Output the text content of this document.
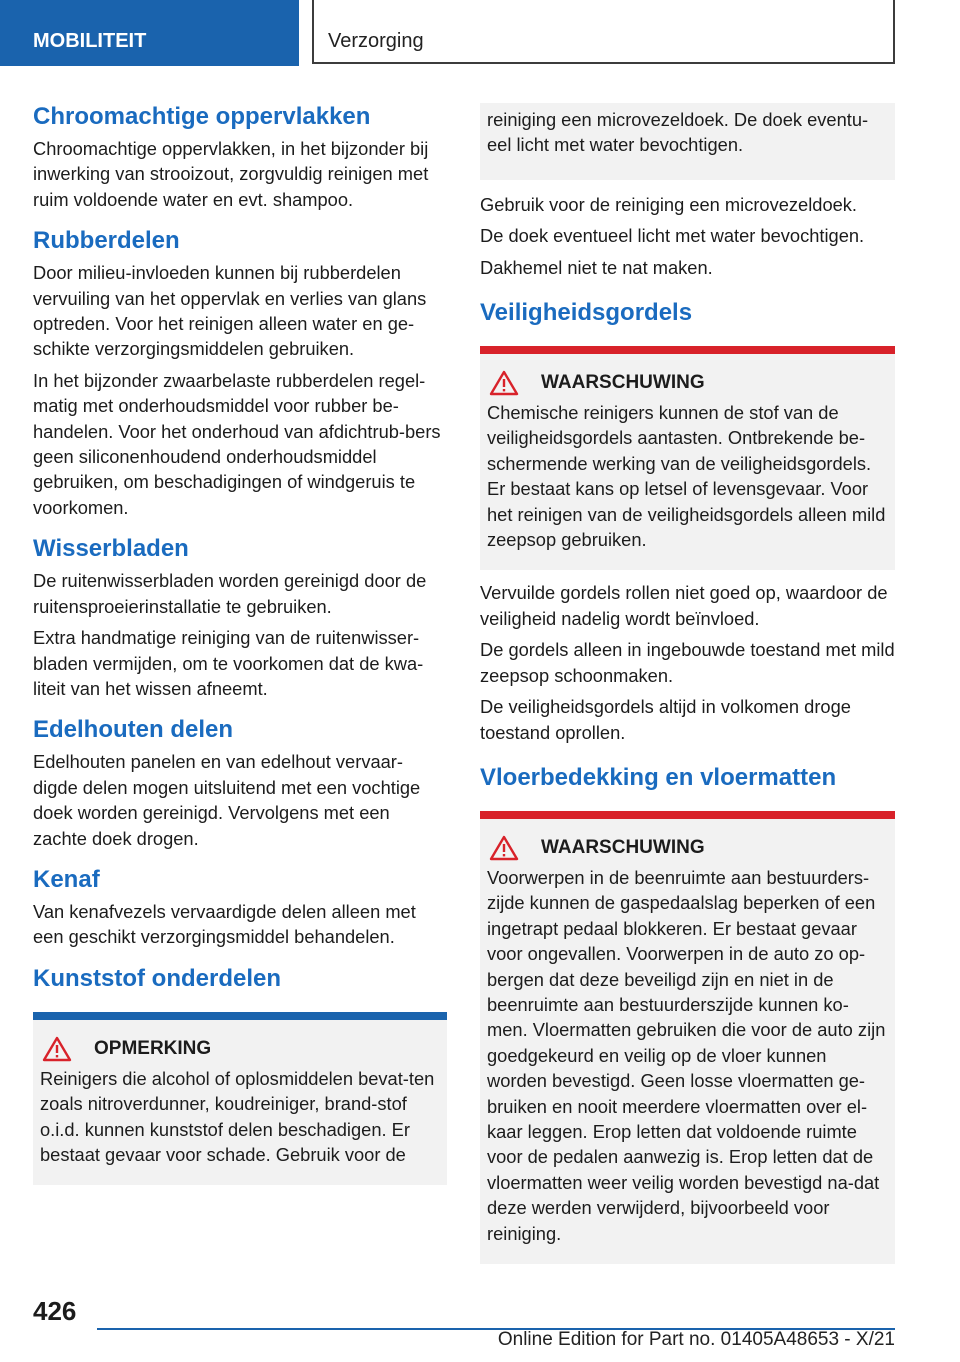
MOBILITEIT	Verzorging
Chroomachtige oppervlakken

Chroomachtige oppervlakken, in het bijzonder bij inwerking van strooizout, zorgvuldig reinigen met ruim voldoende water en evt. shampoo.

Rubberdelen

Door milieu-invloeden kunnen bij rubberdelen vervuiling van het oppervlak en verlies van glans optreden. Voor het reinigen alleen water en ge-schikte verzorgingsmiddelen gebruiken.

In het bijzonder zwaarbelaste rubberdelen regel-matig met onderhoudsmiddel voor rubber be-handelen. Voor het onderhoud van afdichtrub-bers geen siliconenhoudend onderhoudsmiddel gebruiken, om beschadigingen of windgeruis te voorkomen.

Wisserbladen

De ruitenwisserbladen worden gereinigd door de ruitensproeierinstallatie te gebruiken.

Extra handmatige reiniging van de ruitenwisser-bladen vermijden, om te voorkomen dat de kwa-liteit van het wissen afneemt.

Edelhouten delen

Edelhouten panelen en van edelhout vervaar-digde delen mogen uitsluitend met een vochtige doek worden gereinigd. Vervolgens met een zachte doek drogen.

Kenaf

Van kenafvezels vervaardigde delen alleen met een geschikt verzorgingsmiddel behandelen.

Kunststof onderdelen
OPMERKING

Reinigers die alcohol of oplosmiddelen bevat-ten zoals nitroverdunner, koudreiniger, brand-stof o.i.d. kunnen kunststof delen beschadigen. Er bestaat gevaar voor schade. Gebruik voor de

reiniging een microvezeldoek. De doek eventu-eel licht met water bevochtigen.

Gebruik voor de reiniging een microvezeldoek.

De doek eventueel licht met water bevochtigen.

Dakhemel niet te nat maken.

Veiligheidsgordels
WAARSCHUWING

Chemische reinigers kunnen de stof van de veiligheidsgordels aantasten. Ontbrekende be-schermende werking van de veiligheidsgordels. Er bestaat kans op letsel of levensgevaar. Voor het reinigen van de veiligheidsgordels alleen mild zeepsop gebruiken.

Vervuilde gordels rollen niet goed op, waardoor de veiligheid nadelig wordt beïnvloed.

De gordels alleen in ingebouwde toestand met mild zeepsop schoonmaken.

De veiligheidsgordels altijd in volkomen droge toestand oprollen.

Vloerbedekking en vloermatten
WAARSCHUWING

Voorwerpen in de beenruimte aan bestuurders-zijde kunnen de gaspedaalslag beperken of een ingetrapt pedaal blokkeren. Er bestaat gevaar voor ongevallen. Voorwerpen in de auto zo op-bergen dat deze beveiligd zijn en niet in de beenruimte aan bestuurderszijde kunnen ko-men. Vloermatten gebruiken die voor de auto zijn goedgekeurd en veilig op de vloer kunnen worden bevestigd. Geen losse vloermatten ge-bruiken en nooit meerdere vloermatten over el-kaar leggen. Erop letten dat voldoende ruimte voor de pedalen aanwezig is. Erop letten dat de vloermatten weer veilig worden bevestigd na-dat deze werden verwijderd, bijvoorbeeld voor reiniging.

426
Online Edition for Part no. 01405A48653 - X/21
